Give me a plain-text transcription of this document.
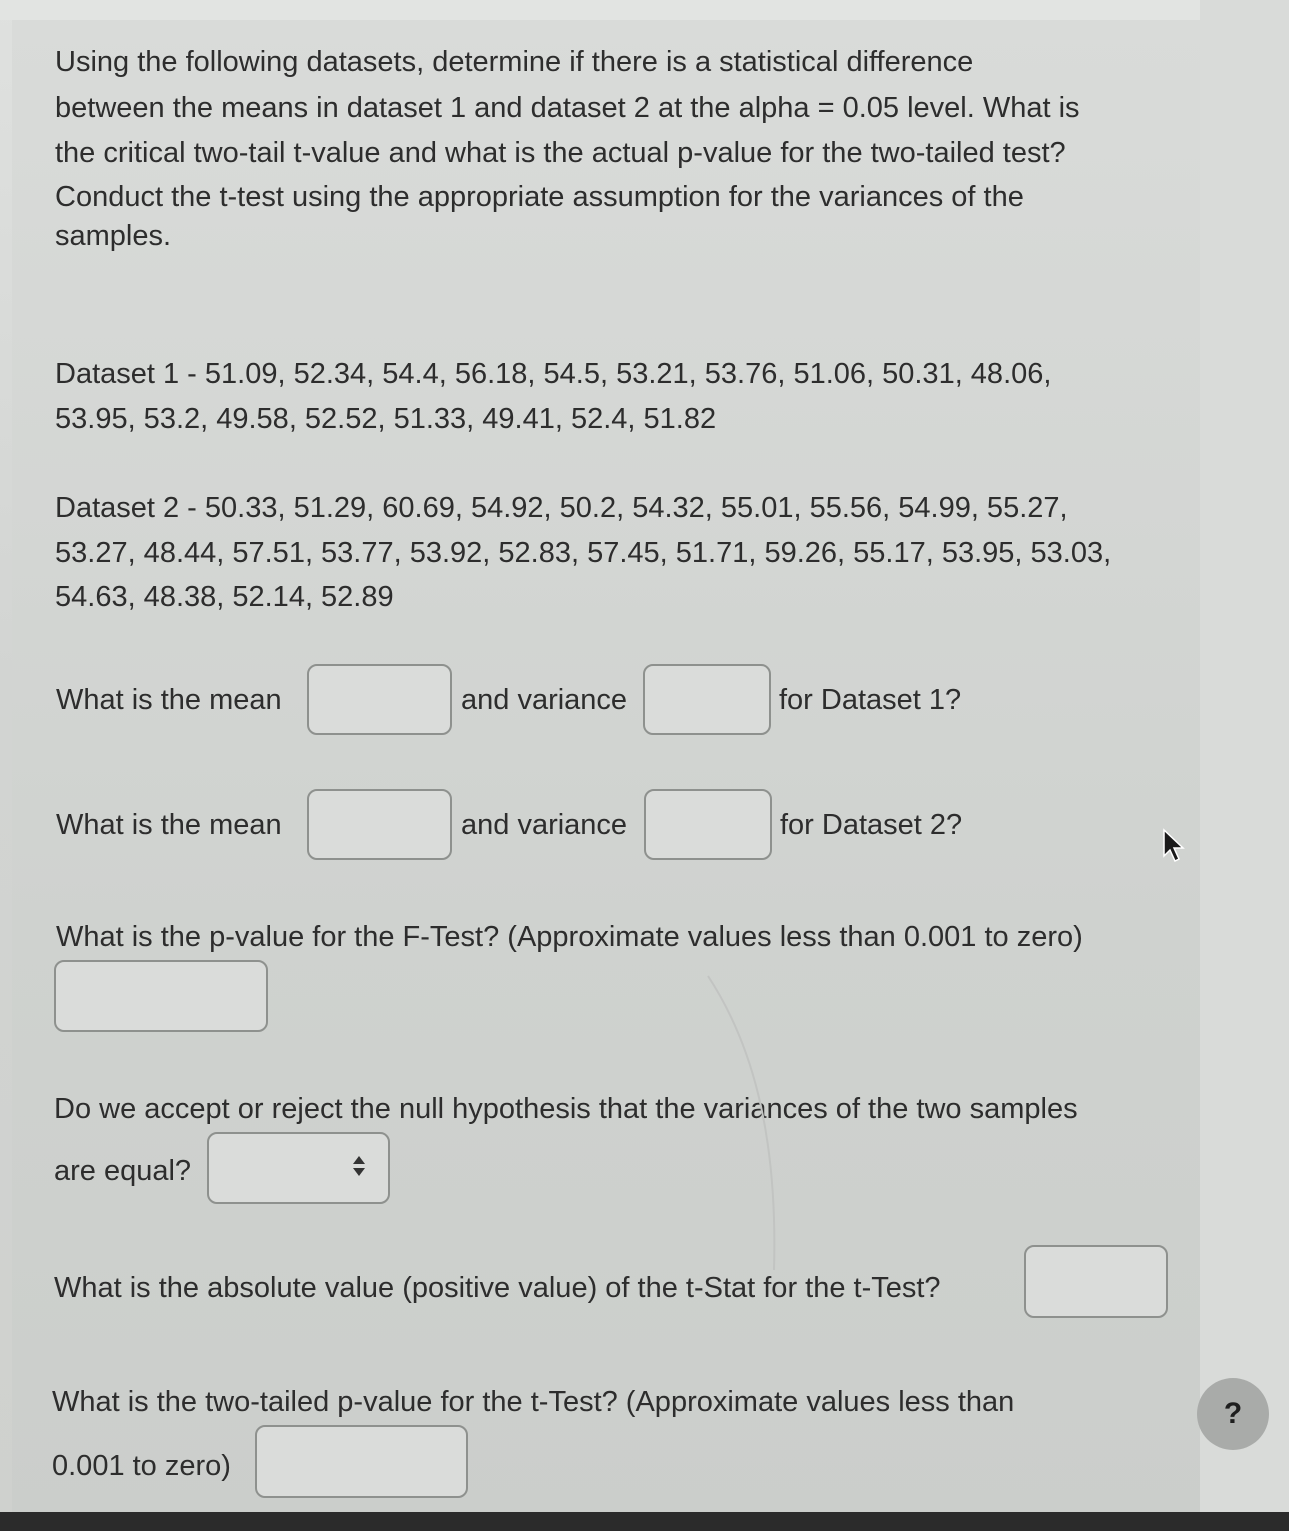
Using the following datasets, determine if there is a statistical difference
between the means in dataset 1 and dataset 2 at the alpha = 0.05 level. What is
the critical two-tail t-value and what is the actual p-value for the two-tailed test?
Conduct the t-test using the appropriate assumption for the variances of the
samples.
Dataset 1 - 51.09, 52.34, 54.4, 56.18, 54.5, 53.21, 53.76, 51.06, 50.31, 48.06,
53.95, 53.2, 49.58, 52.52, 51.33, 49.41, 52.4, 51.82
Dataset 2 - 50.33, 51.29, 60.69, 54.92, 50.2, 54.32, 55.01, 55.56, 54.99, 55.27,
53.27, 48.44, 57.51, 53.77, 53.92, 52.83, 57.45, 51.71, 59.26, 55.17, 53.95, 53.03,
54.63, 48.38, 52.14, 52.89
What is the mean	and variance	for Dataset 1?
What is the mean	and variance	for Dataset 2?
What is the p-value for the F-Test? (Approximate values less than 0.001 to zero)
Do we accept or reject the null hypothesis that the variances of the two samples
are equal?
What is the absolute value (positive value) of the t-Stat for the t-Test?
What is the two-tailed p-value for the t-Test? (Approximate values less than
0.001 to zero)
?
